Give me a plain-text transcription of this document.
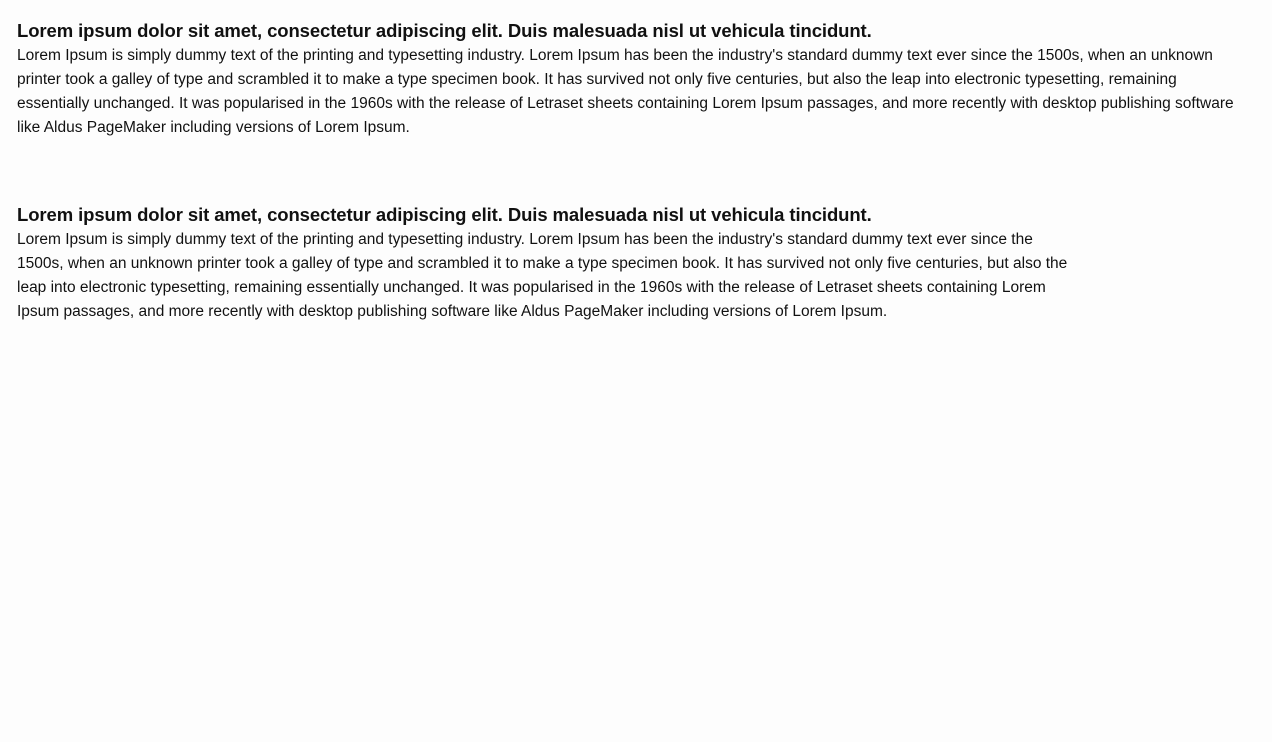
Lorem ipsum dolor sit amet, consectetur adipiscing elit. Duis malesuada nisl ut vehicula tincidunt.

Lorem Ipsum is simply dummy text of the printing and typesetting industry. Lorem Ipsum has been the industry's standard dummy text ever since the 1500s, when an unknown printer took a galley of type and scrambled it to make a type specimen book. It has survived not only five centuries, but also the leap into electronic typesetting, remaining essentially unchanged. It was popularised in the 1960s with the release of Letraset sheets containing Lorem Ipsum passages, and more recently with desktop publishing software like Aldus PageMaker including versions of Lorem Ipsum.

Lorem ipsum dolor sit amet, consectetur adipiscing elit. Duis malesuada nisl ut vehicula tincidunt.

Lorem Ipsum is simply dummy text of the printing and typesetting industry. Lorem Ipsum has been the industry's standard dummy text ever since the 1500s, when an unknown printer took a galley of type and scrambled it to make a type specimen book. It has survived not only five centuries, but also the leap into electronic typesetting, remaining essentially unchanged. It was popularised in the 1960s with the release of Letraset sheets containing Lorem Ipsum passages, and more recently with desktop publishing software like Aldus PageMaker including versions of Lorem Ipsum.
